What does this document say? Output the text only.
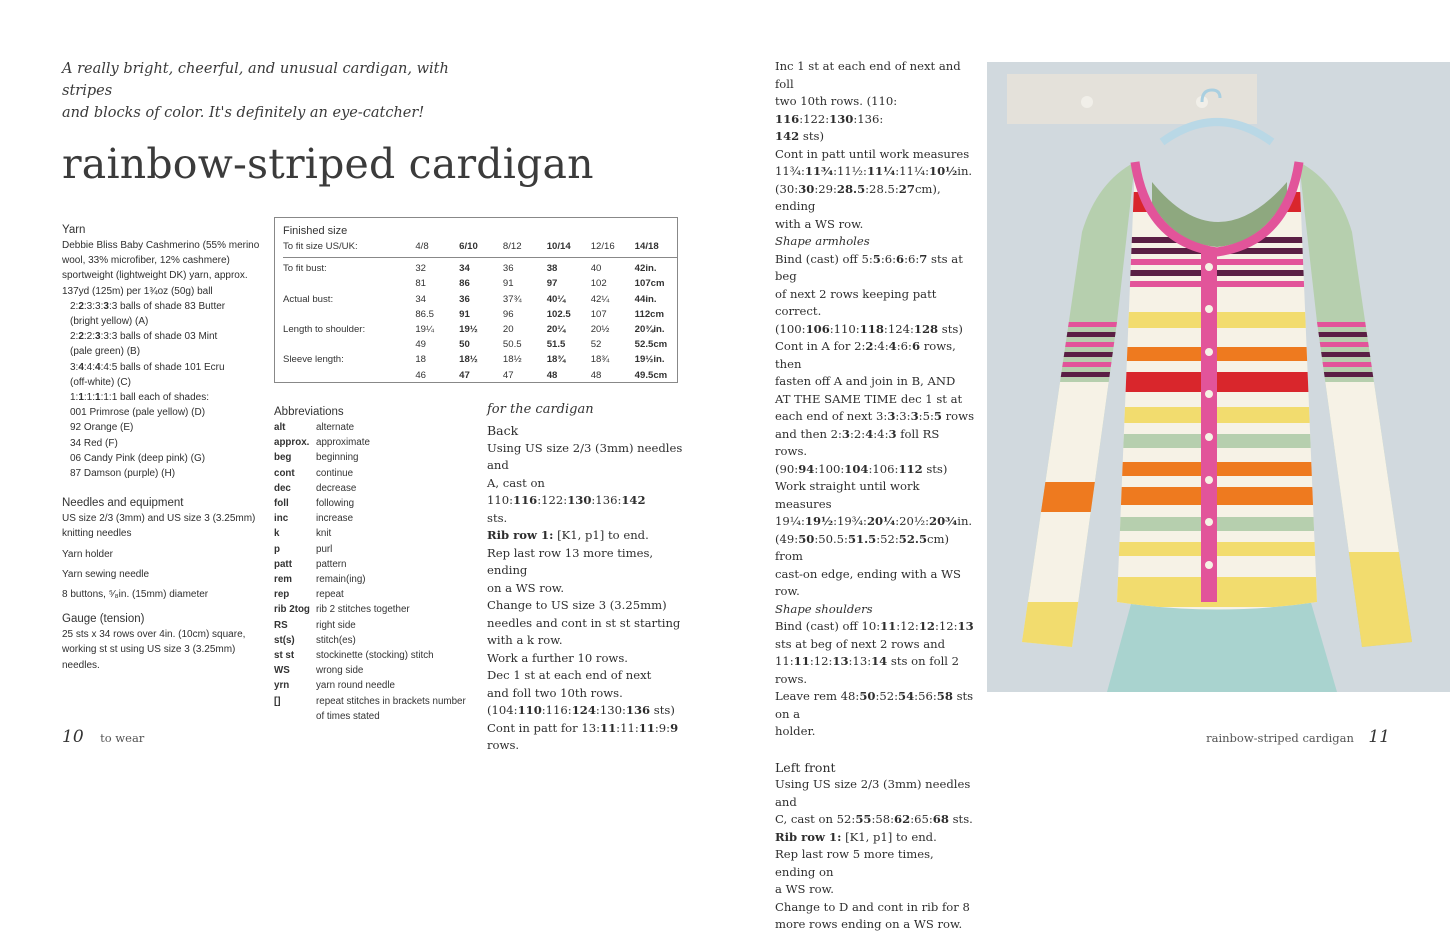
A really bright, cheerful, and unusual cardigan, with stripes
and blocks of color. It's definitely an eye-catcher!
rainbow-striped cardigan
Yarn
Debbie Bliss Baby Cashmerino (55% merino
wool, 33% microfiber, 12% cashmere)
sportweight (lightweight DK) yarn, approx.
137yd (125m) per 1¾oz (50g) ball
2:2:3:3:3:3 balls of shade 83 Butter
(bright yellow) (A)
2:2:2:3:3:3 balls of shade 03 Mint
(pale green) (B)
3:4:4:4:4:5 balls of shade 101 Ecru
(off-white) (C)
1:1:1:1:1:1 ball each of shades:
001 Primrose (pale yellow) (D)
92 Orange (E)
34 Red (F)
06 Candy Pink (deep pink) (G)
87 Damson (purple) (H)
Needles and equipment
US size 2/3 (3mm) and US size 3 (3.25mm)
knitting needles
Yarn holder
Yarn sewing needle
8 buttons, ⁵⁄₈in. (15mm) diameter
Gauge (tension)
25 sts x 34 rows over 4in. (10cm) square,
working st st using US size 3 (3.25mm)
needles.
Finished size
To fit size US/UK:	4/8	6/10	8/12	10/14	12/16	14/18

To fit bust:	32	34	36	38	40	42in.
	81	86	91	97	102	107cm
Actual bust:	34	36	37¾	40¼	42¼	44in.
	86.5	91	96	102.5	107	112cm
Length to shoulder:	19¼	19½	20	20¼	20½	20¾in.
	49	50	50.5	51.5	52	52.5cm
Sleeve length:	18	18½	18½	18¾	18¾	19½in.
	46	47	47	48	48	49.5cm
Abbreviations
alt	alternate
approx.	approximate
beg	beginning
cont	continue
dec	decrease
foll	following
inc	increase
k	knit
p	purl
patt	pattern
rem	remain(ing)
rep	repeat
rib 2tog	rib 2 stitches together
RS	right side
st(s)	stitch(es)
st st	stockinette (stocking) stitch
WS	wrong side
yrn	yarn round needle
[]	repeat stitches in brackets number
	of times stated
for the cardigan
Back
Using US size 2/3 (3mm) needles and
A, cast on 110:116:122:130:136:142
sts.
Rib row 1: [K1, p1] to end.
Rep last row 13 more times, ending
on a WS row.
Change to US size 3 (3.25mm)
needles and cont in st st starting
with a k row.
Work a further 10 rows.
Dec 1 st at each end of next
and foll two 10th rows.
(104:110:116:124:130:136 sts)
Cont in patt for 13:11:11:11:9:9 rows.
Inc 1 st at each end of next and foll
two 10th rows. (110: 116:122:130:136:
142 sts)
Cont in patt until work measures
11¾:11¾:11½:11¼:11¼:10½in.
(30:30:29:28.5:28.5:27cm), ending
with a WS row.
Shape armholes
Bind (cast) off 5:5:6:6:6:7 sts at beg
of next 2 rows keeping patt correct.
(100:106:110:118:124:128 sts)
Cont in A for 2:2:4:4:6:6 rows, then
fasten off A and join in B, AND
AT THE SAME TIME dec 1 st at
each end of next 3:3:3:3:5:5 rows
and then 2:3:2:4:4:3 foll RS rows.
(90:94:100:104:106:112 sts)
Work straight until work measures
19¼:19½:19¾:20¼:20½:20¾in.
(49:50:50.5:51.5:52:52.5cm) from
cast-on edge, ending with a WS row.
Shape shoulders
Bind (cast) off 10:11:12:12:12:13
sts at beg of next 2 rows and
11:11:12:13:13:14 sts on foll 2 rows.
Leave rem 48:50:52:54:56:58 sts on a
holder.
Left front
Using US size 2/3 (3mm) needles and
C, cast on 52:55:58:62:65:68 sts.
Rib row 1: [K1, p1] to end.
Rep last row 5 more times, ending on
a WS row.
Change to D and cont in rib for 8
more rows ending on a WS row.
10 to wear	rainbow-striped cardigan 11
